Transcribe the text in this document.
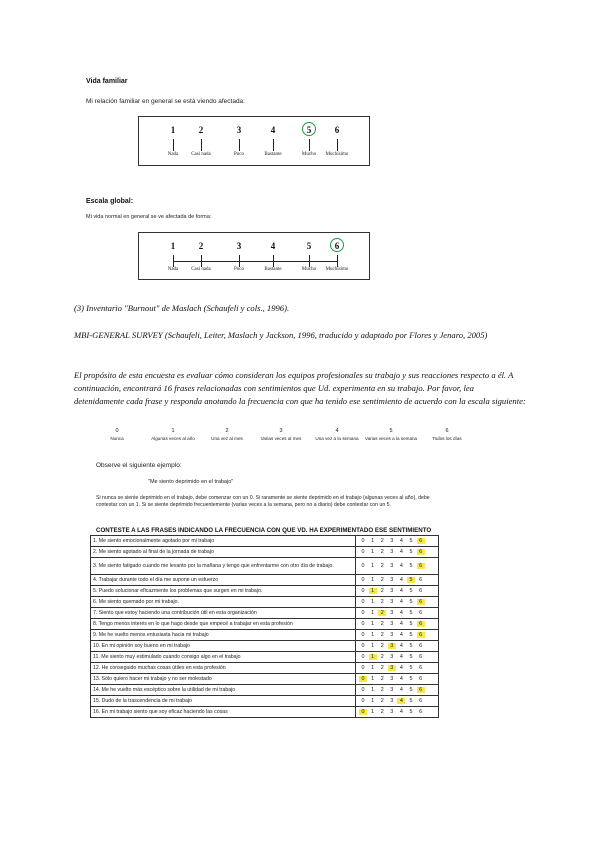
Vida familiar
Mi relación familiar en general se está viendo afectada:
1
Nada
2
Casi nada
3
Poco
4
Bastante
5
Mucho
6
Muchísimo
Escala global:
Mi vida normal en general se ve afectada de forma:
1
Nada
2
Casi nada
3
Poco
4
Bastante
5
Mucho
6
Muchísimo
(3) Inventario "Burnout" de Maslach (Schaufeli y cols., 1996).
MBI-GENERAL SURVEY (Schaufeli, Leiter, Maslach y Jackson, 1996, traducido y adaptado por Flores y Jenaro, 2005)
El propósito de esta encuesta es evaluar cómo consideran los equipos profesionales su trabajo y sus reacciones respecto a él. A continuación, encontrará 16 frases relacionadas con sentimientos que Ud. experimenta en su trabajo. Por favor, lea detenidamente cada frase y responda anotando la frecuencia con que ha tenido ese sentimiento de acuerdo con la escala siguiente:
0
Nunca
1
Algunas veces al año
2
Una vez al mes
3
Varias veces al mes
4
Una vez a la semana
5
Varias veces a la semana
6
Todos los días
Observe el siguiente ejemplo:
"Me siento deprimido en el trabajo"
Si nunca se siente deprimido en el trabajo, debe comenzar con un 0. Si raramente se siente deprimido en el trabajo (algunas veces al año), debe contestar con un 1. Si se siente deprimido frecuentemente (varias veces a la semana, pero no a diario) debe contestar con un 5.
CONTESTE A LAS FRASES INDICANDO LA FRECUENCIA CON QUE VD. HA EXPERIMENTADO ESE SENTIMIENTO
1. Me siento emocionalmente agotado por mi trabajo	0 1 2 3 4 5 6
2. Me siento agotado al final de la jornada de trabajo	0 1 2 3 4 5 6
3. Me siento fatigado cuando me levanto por la mañana y tengo que enfrentarme con otro día de trabajo.	0 1 2 3 4 5 6
4. Trabajar durante todo el día me supone un esfuerzo	0 1 2 3 4 5 6
5. Puedo solucionar eficazmente los problemas que surgen en mi trabajo.	0 1 2 3 4 5 6
6. Me siento quemado por mi trabajo.	0 1 2 3 4 5 6
7. Siento que estoy haciendo una contribución útil en esta organización	0 1 2 3 4 5 6
8. Tengo menos interés en lo que hago desde que empecé a trabajar en esta profesión	0 1 2 3 4 5 6
9. Me he vuelto menos entusiasta hacia mi trabajo	0 1 2 3 4 5 6
10. En mi opinión soy bueno en mi trabajo	0 1 2 3 4 5 6
11. Me siento muy estimulado cuando consigo algo en el trabajo	0 1 2 3 4 5 6
12. He conseguido muchas cosas útiles en esta profesión	0 1 2 3 4 5 6
13. Sólo quiero hacer mi trabajo y no ser molestado	0 1 2 3 4 5 6
14. Me he vuelto más escéptico sobre la utilidad de mi trabajo	0 1 2 3 4 5 6
15. Dudo de la trascendencia de mi trabajo	0 1 2 3 4 5 6
16. En mi trabajo siento que soy eficaz haciendo las cosas	0 1 2 3 4 5 6
